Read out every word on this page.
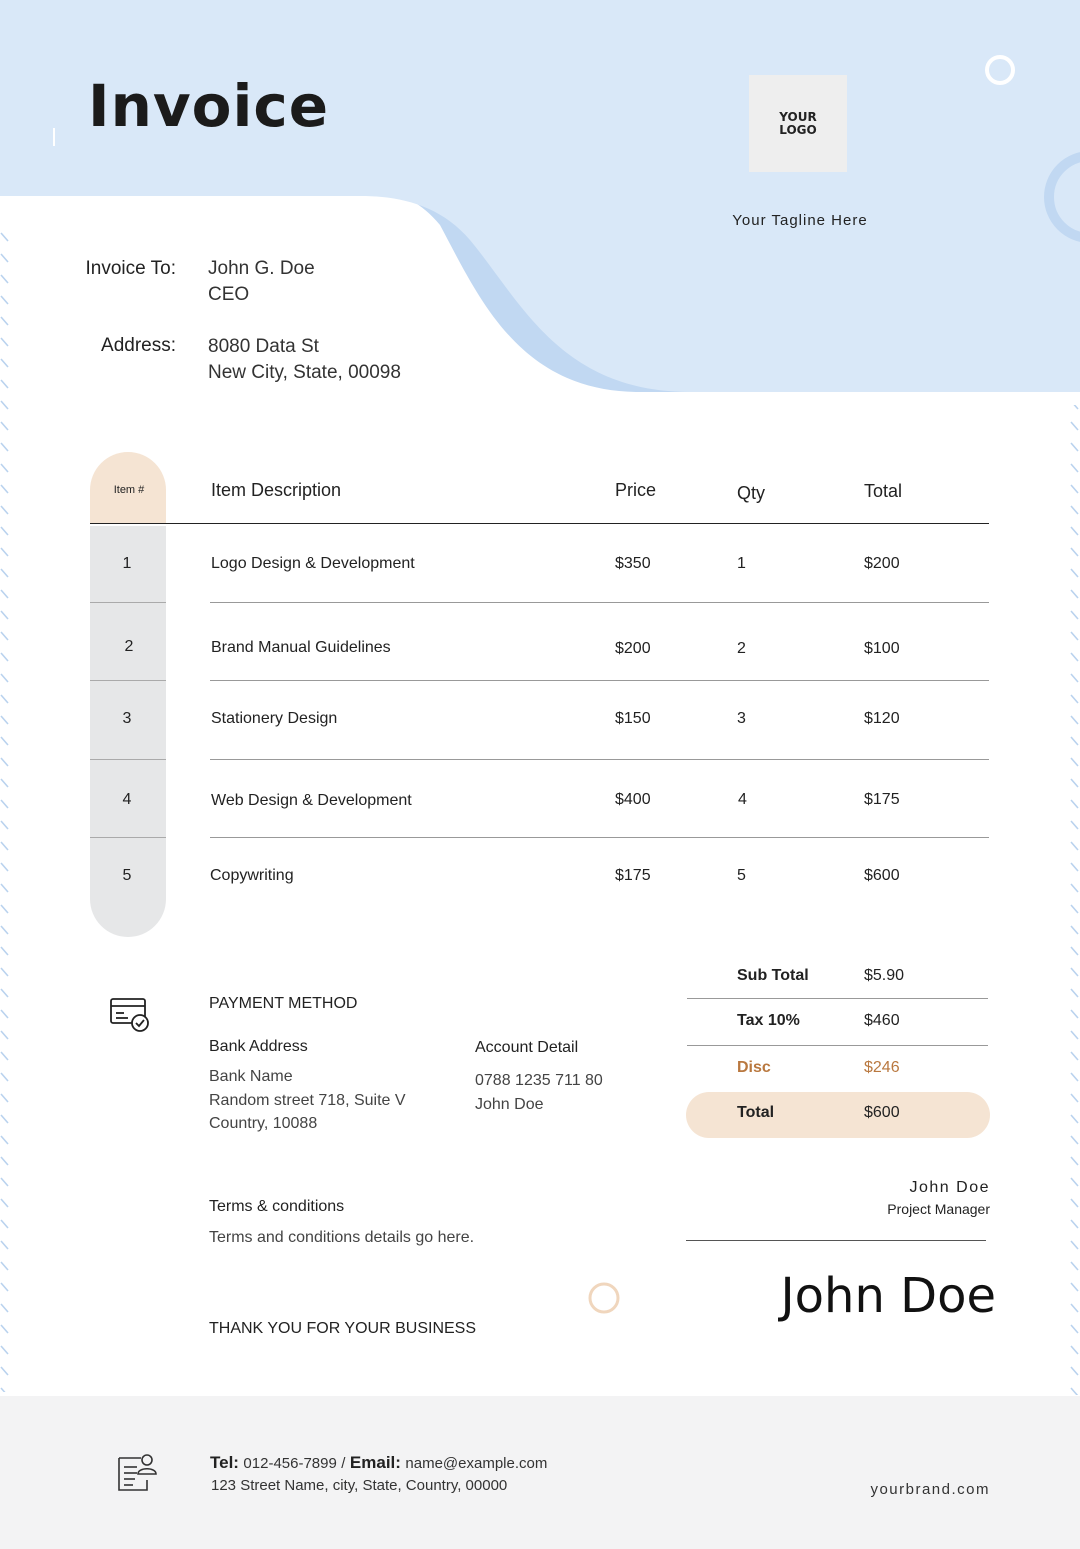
Invoice	YOUR LOGO
Your Tagline Here
Invoice To: John G. Doe
CEO
Address: 8080 Data St
New City, State, 00098
Item #	Item Description	Price	Qty	Total
1	Logo Design & Development	$350	1	$200
2	Brand Manual Guidelines	$200	2	$100
3	Stationery Design	$150	3	$120
4	Web Design & Development	$400	4	$175
5	Copywriting	$175	5	$600
PAYMENT METHOD
Bank Address
Bank Name
Random street 718, Suite V
Country, 10088
Account Detail
0788 1235 711 80
John Doe
Sub Total	$5.90
Tax 10%	$460
Disc	$246
Total	$600
Terms & conditions
Terms and conditions details go here.
THANK YOU FOR YOUR BUSINESS
John Doe
Project Manager
John Doe
Tel: 012-456-7899 / Email: name@example.com
123 Street Name, city, State, Country, 00000	yourbrand.com
